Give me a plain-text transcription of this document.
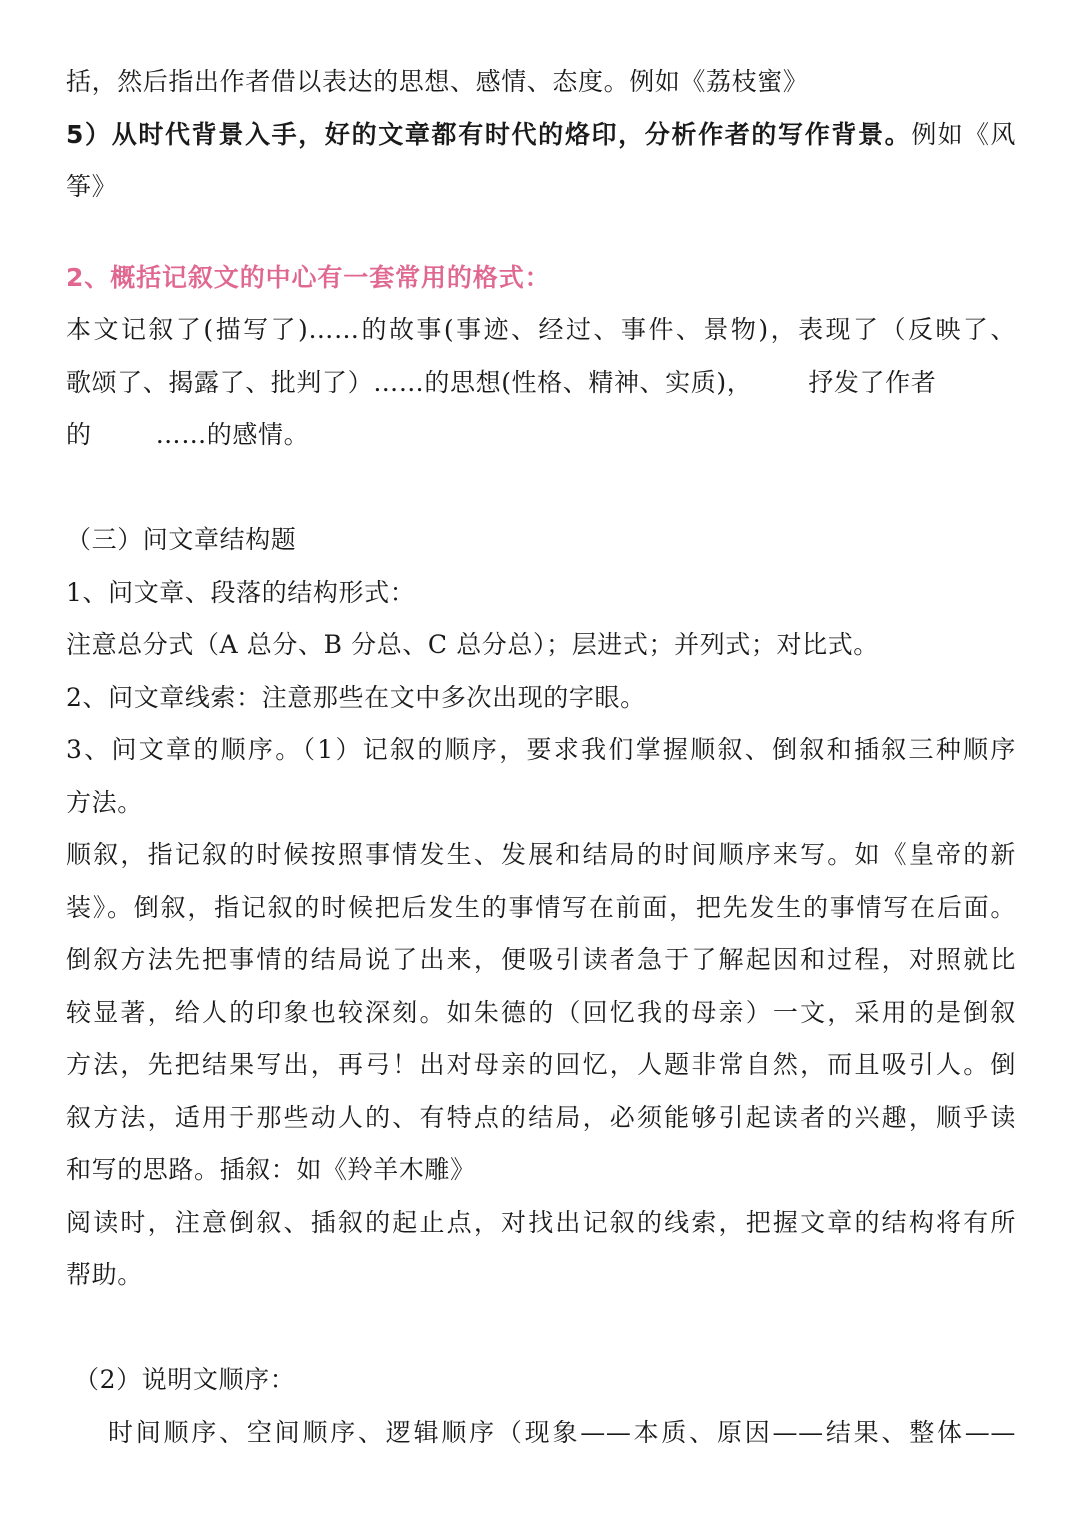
括，然后指出作者借以表达的思想、感情、态度。例如《荔枝蜜》
5）从时代背景入手，好的文章都有时代的烙印，分析作者的写作背景。例如《风
筝》
2、概括记叙文的中心有一套常用的格式：
本文记叙了(描写了)……的故事(事迹、经过、事件、景物)，表现了（反映了、
歌颂了、揭露了、批判了）……的思想(性格、精神、实质)， 抒发了作者
的	……的感情。
（三）问文章结构题
1、问文章、段落的结构形式：
注意总分式（A 总分、B 分总、C 总分总）；层进式；并列式；对比式。
2、问文章线索：注意那些在文中多次出现的字眼。
3、问文章的顺序。（1）记叙的顺序，要求我们掌握顺叙、倒叙和插叙三种顺序
方法。
顺叙，指记叙的时候按照事情发生、发展和结局的时间顺序来写。如《皇帝的新
装》。倒叙，指记叙的时候把后发生的事情写在前面，把先发生的事情写在后面。
倒叙方法先把事情的结局说了出来，便吸引读者急于了解起因和过程，对照就比
较显著，给人的印象也较深刻。如朱德的（回忆我的母亲）一文，采用的是倒叙
方法，先把结果写出，再弓！出对母亲的回忆，人题非常自然，而且吸引人。倒
叙方法，适用于那些动人的、有特点的结局，必须能够引起读者的兴趣，顺乎读
和写的思路。插叙：如《羚羊木雕》
阅读时，注意倒叙、插叙的起止点，对找出记叙的线索，把握文章的结构将有所
帮助。
（2）说明文顺序：
时间顺序、空间顺序、逻辑顺序（现象——本质、原因——结果、整体——
